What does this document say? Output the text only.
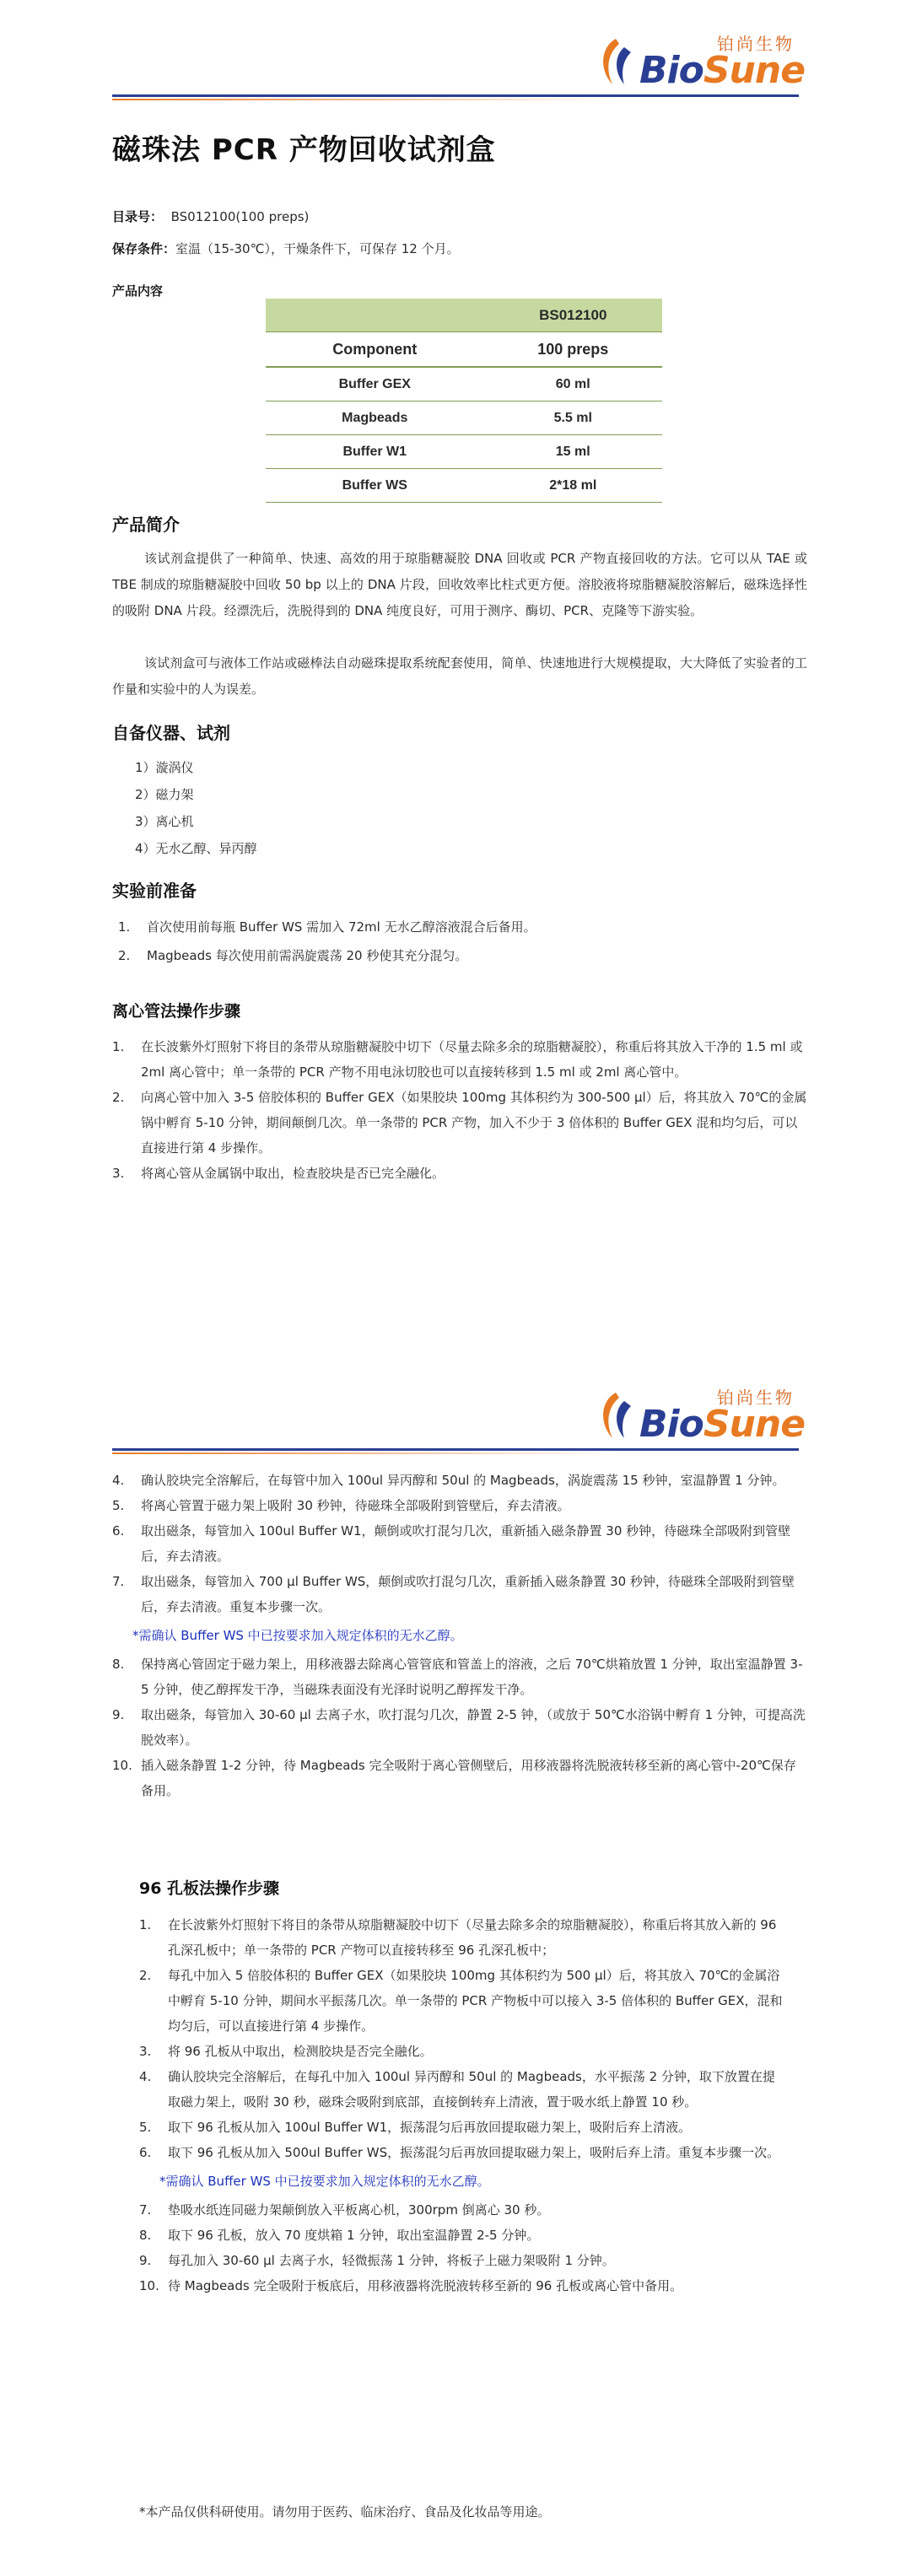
铂尚生物
BioSune
磁珠法 PCR 产物回收试剂盒
目录号： BS012100(100 preps)
保存条件：室温（15-30℃），干燥条件下，可保存 12 个月。
产品内容
	BS012100
Component	100 preps
Buffer GEX	60 ml
Magbeads	5.5 ml
Buffer W1	15 ml
Buffer WS	2*18 ml
产品简介
该试剂盒提供了一种简单、快速、高效的用于琼脂糖凝胶 DNA 回收或 PCR 产物直接回收的方法。它可以从 TAE 或 TBE 制成的琼脂糖凝胶中回收 50 bp 以上的 DNA 片段，回收效率比柱式更方便。溶胶液将琼脂糖凝胶溶解后，磁珠选择性的吸附 DNA 片段。经漂洗后，洗脱得到的 DNA 纯度良好，可用于测序、酶切、PCR、克隆等下游实验。
该试剂盒可与液体工作站或磁棒法自动磁珠提取系统配套使用，简单、快速地进行大规模提取，大大降低了实验者的工作量和实验中的人为误差。
自备仪器、试剂
1）漩涡仪
2）磁力架
3）离心机
4）无水乙醇、异丙醇
实验前准备
1. 首次使用前每瓶 Buffer WS 需加入 72ml 无水乙醇溶液混合后备用。
2. Magbeads 每次使用前需涡旋震荡 20 秒使其充分混匀。
离心管法操作步骤
1. 在长波紫外灯照射下将目的条带从琼脂糖凝胶中切下（尽量去除多余的琼脂糖凝胶），称重后将其放入干净的 1.5 ml 或 2ml 离心管中；单一条带的 PCR 产物不用电泳切胶也可以直接转移到 1.5 ml 或 2ml 离心管中。
2. 向离心管中加入 3-5 倍胶体积的 Buffer GEX（如果胶块 100mg 其体积约为 300-500 µl）后，将其放入 70℃的金属锅中孵育 5-10 分钟，期间颠倒几次。单一条带的 PCR 产物，加入不少于 3 倍体积的 Buffer GEX 混和均匀后，可以直接进行第 4 步操作。
3. 将离心管从金属锅中取出，检查胶块是否已完全融化。
铂尚生物
BioSune
4. 确认胶块完全溶解后，在每管中加入 100ul 异丙醇和 50ul 的 Magbeads，涡旋震荡 15 秒钟，室温静置 1 分钟。
5. 将离心管置于磁力架上吸附 30 秒钟，待磁珠全部吸附到管壁后，弃去清液。
6. 取出磁条，每管加入 100ul Buffer W1，颠倒或吹打混匀几次，重新插入磁条静置 30 秒钟，待磁珠全部吸附到管壁后，弃去清液。
7. 取出磁条，每管加入 700 µl Buffer WS，颠倒或吹打混匀几次，重新插入磁条静置 30 秒钟，待磁珠全部吸附到管壁后，弃去清液。重复本步骤一次。
*需确认 Buffer WS 中已按要求加入规定体积的无水乙醇。
8. 保持离心管固定于磁力架上，用移液器去除离心管管底和管盖上的溶液，之后 70℃烘箱放置 1 分钟，取出室温静置 3-5 分钟，使乙醇挥发干净，当磁珠表面没有光泽时说明乙醇挥发干净。
9. 取出磁条，每管加入 30-60 µl 去离子水，吹打混匀几次，静置 2-5 钟，（或放于 50℃水浴锅中孵育 1 分钟，可提高洗脱效率）。
10. 插入磁条静置 1-2 分钟，待 Magbeads 完全吸附于离心管侧壁后，用移液器将洗脱液转移至新的离心管中-20℃保存备用。
96 孔板法操作步骤
1. 在长波紫外灯照射下将目的条带从琼脂糖凝胶中切下（尽量去除多余的琼脂糖凝胶），称重后将其放入新的 96 孔深孔板中；单一条带的 PCR 产物可以直接转移至 96 孔深孔板中；
2. 每孔中加入 5 倍胶体积的 Buffer GEX（如果胶块 100mg 其体积约为 500 µl）后，将其放入 70℃的金属浴中孵育 5-10 分钟，期间水平振荡几次。单一条带的 PCR 产物板中可以接入 3-5 倍体积的 Buffer GEX，混和均匀后，可以直接进行第 4 步操作。
3. 将 96 孔板从中取出，检测胶块是否完全融化。
4. 确认胶块完全溶解后，在每孔中加入 100ul 异丙醇和 50ul 的 Magbeads，水平振荡 2 分钟，取下放置在提取磁力架上，吸附 30 秒，磁珠会吸附到底部，直接倒转弃上清液，置于吸水纸上静置 10 秒。
5. 取下 96 孔板从加入 100ul Buffer W1，振荡混匀后再放回提取磁力架上，吸附后弃上清液。
6. 取下 96 孔板从加入 500ul Buffer WS，振荡混匀后再放回提取磁力架上，吸附后弃上清。重复本步骤一次。
*需确认 Buffer WS 中已按要求加入规定体积的无水乙醇。
7. 垫吸水纸连同磁力架颠倒放入平板离心机，300rpm 倒离心 30 秒。
8. 取下 96 孔板，放入 70 度烘箱 1 分钟，取出室温静置 2-5 分钟。
9. 每孔加入 30-60 µl 去离子水，轻微振荡 1 分钟，将板子上磁力架吸附 1 分钟。
10. 待 Magbeads 完全吸附于板底后，用移液器将洗脱液转移至新的 96 孔板或离心管中备用。
*本产品仅供科研使用。请勿用于医药、临床治疗、食品及化妆品等用途。
